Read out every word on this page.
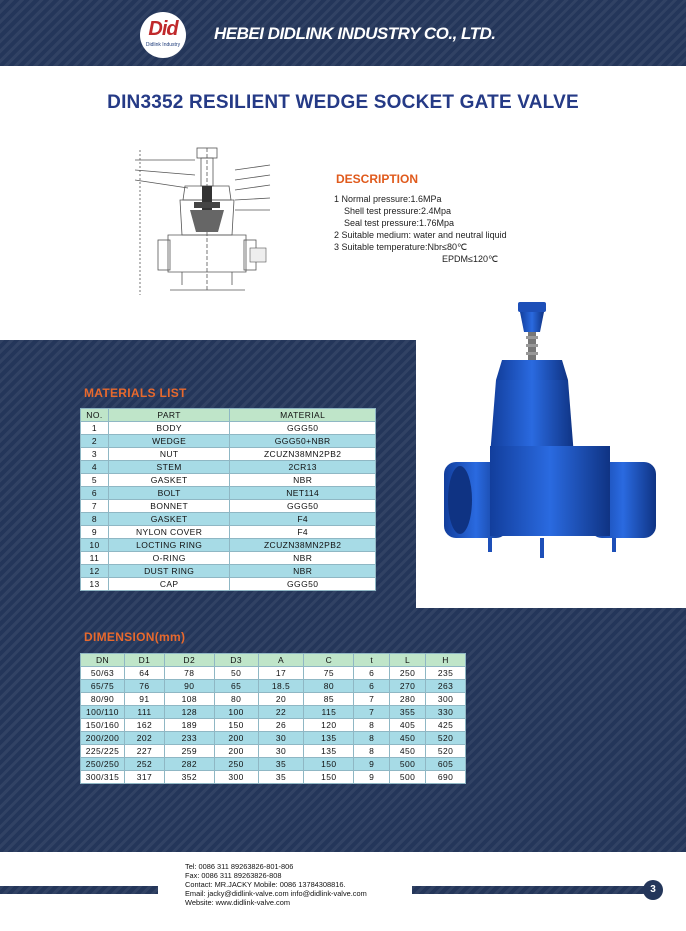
Did
Didlink Industry
HEBEI DIDLINK INDUSTRY CO., LTD.
DIN3352 RESILIENT WEDGE SOCKET GATE VALVE
DESCRIPTION
1 Normal pressure:1.6MPa
Shell test pressure:2.4Mpa
Seal test pressure:1.76Mpa
2 Suitable medium: water and neutral liquid
3 Suitable temperature:Nbr≤80℃
EPDM≤120℃
MATERIALS LIST
NO.	PART	MATERIAL
1	BODY	GGG50
2	WEDGE	GGG50+NBR
3	NUT	ZCUZN38MN2PB2
4	STEM	2CR13
5	GASKET	NBR
6	BOLT	NET114
7	BONNET	GGG50
8	GASKET	F4
9	NYLON COVER	F4
10	LOCTING RING	ZCUZN38MN2PB2
11	O-RING	NBR
12	DUST RING	NBR
13	CAP	GGG50
DIMENSION(mm)
DN	D1	D2	D3	A	C	t	L	H
50/63	64	78	50	17	75	6	250	235
65/75	76	90	65	18.5	80	6	270	263
80/90	91	108	80	20	85	7	280	300
100/110	111	128	100	22	115	7	355	330
150/160	162	189	150	26	120	8	405	425
200/200	202	233	200	30	135	8	450	520
225/225	227	259	200	30	135	8	450	520
250/250	252	282	250	35	150	9	500	605
300/315	317	352	300	35	150	9	500	690
Tel: 0086 311 89263826-801-806
Fax: 0086 311 89263826-808
Contact: MR.JACKY Mobile: 0086 13784308816.
Email: jacky@didlink-valve.com info@didlink-valve.com
Website: www.didlink-valve.com
3
